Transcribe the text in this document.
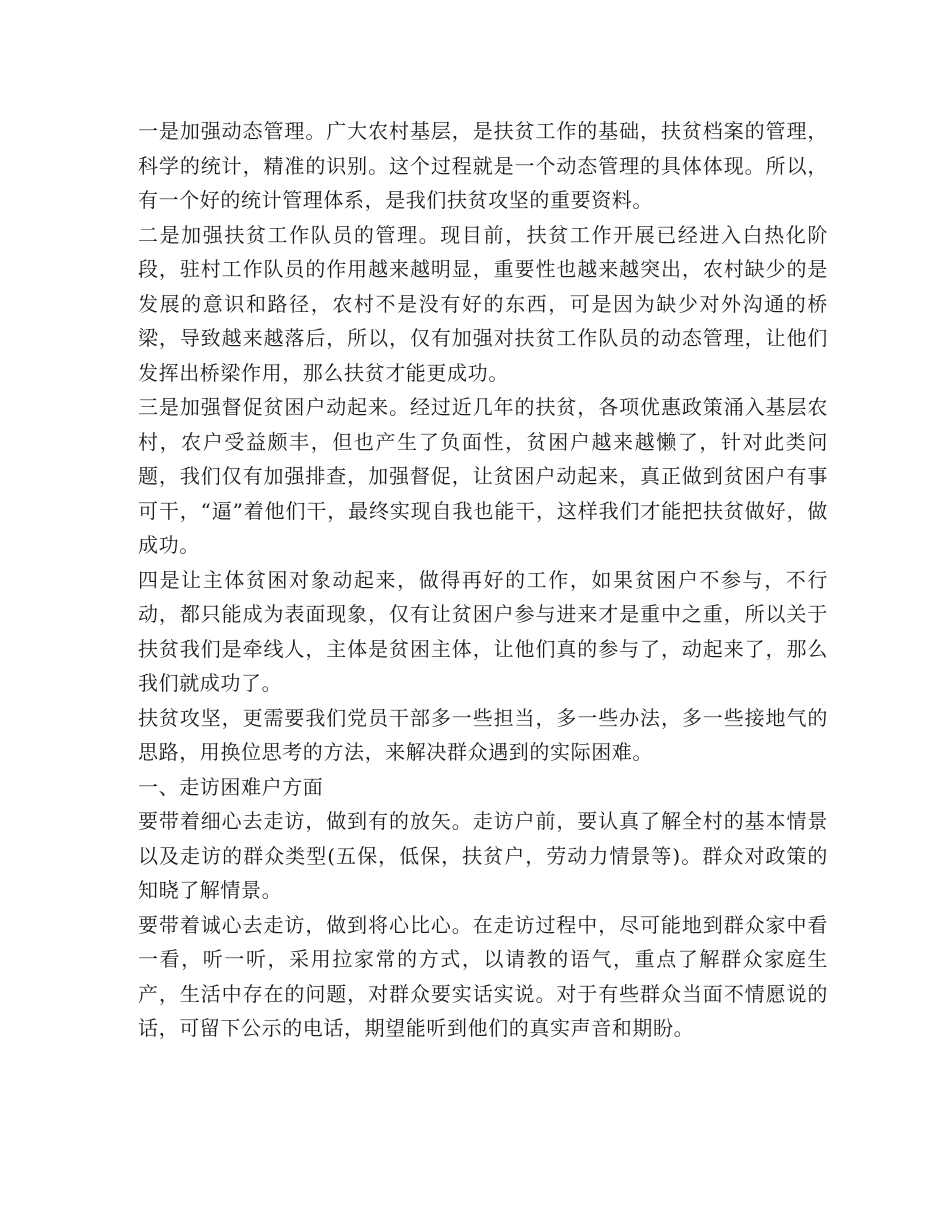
一是加强动态管理。广大农村基层，是扶贫工作的基础，扶贫档案的管理，科学的统计，精准的识别。这个过程就是一个动态管理的具体体现。所以，有一个好的统计管理体系，是我们扶贫攻坚的重要资料。

二是加强扶贫工作队员的管理。现目前，扶贫工作开展已经进入白热化阶段，驻村工作队员的作用越来越明显，重要性也越来越突出，农村缺少的是发展的意识和路径，农村不是没有好的东西，可是因为缺少对外沟通的桥梁，导致越来越落后，所以，仅有加强对扶贫工作队员的动态管理，让他们发挥出桥梁作用，那么扶贫才能更成功。

三是加强督促贫困户动起来。经过近几年的扶贫，各项优惠政策涌入基层农村，农户受益颇丰，但也产生了负面性，贫困户越来越懒了，针对此类问题，我们仅有加强排查，加强督促，让贫困户动起来，真正做到贫困户有事可干，“逼”着他们干，最终实现自我也能干，这样我们才能把扶贫做好，做成功。

四是让主体贫困对象动起来，做得再好的工作，如果贫困户不参与，不行动，都只能成为表面现象，仅有让贫困户参与进来才是重中之重，所以关于扶贫我们是牵线人，主体是贫困主体，让他们真的参与了，动起来了，那么我们就成功了。

扶贫攻坚，更需要我们党员干部多一些担当，多一些办法，多一些接地气的思路，用换位思考的方法，来解决群众遇到的实际困难。

一、走访困难户方面

要带着细心去走访，做到有的放矢。走访户前，要认真了解全村的基本情景以及走访的群众类型(五保，低保，扶贫户，劳动力情景等)。群众对政策的知晓了解情景。

要带着诚心去走访，做到将心比心。在走访过程中，尽可能地到群众家中看一看，听一听，采用拉家常的方式，以请教的语气，重点了解群众家庭生产，生活中存在的问题，对群众要实话实说。对于有些群众当面不情愿说的话，可留下公示的电话，期望能听到他们的真实声音和期盼。
